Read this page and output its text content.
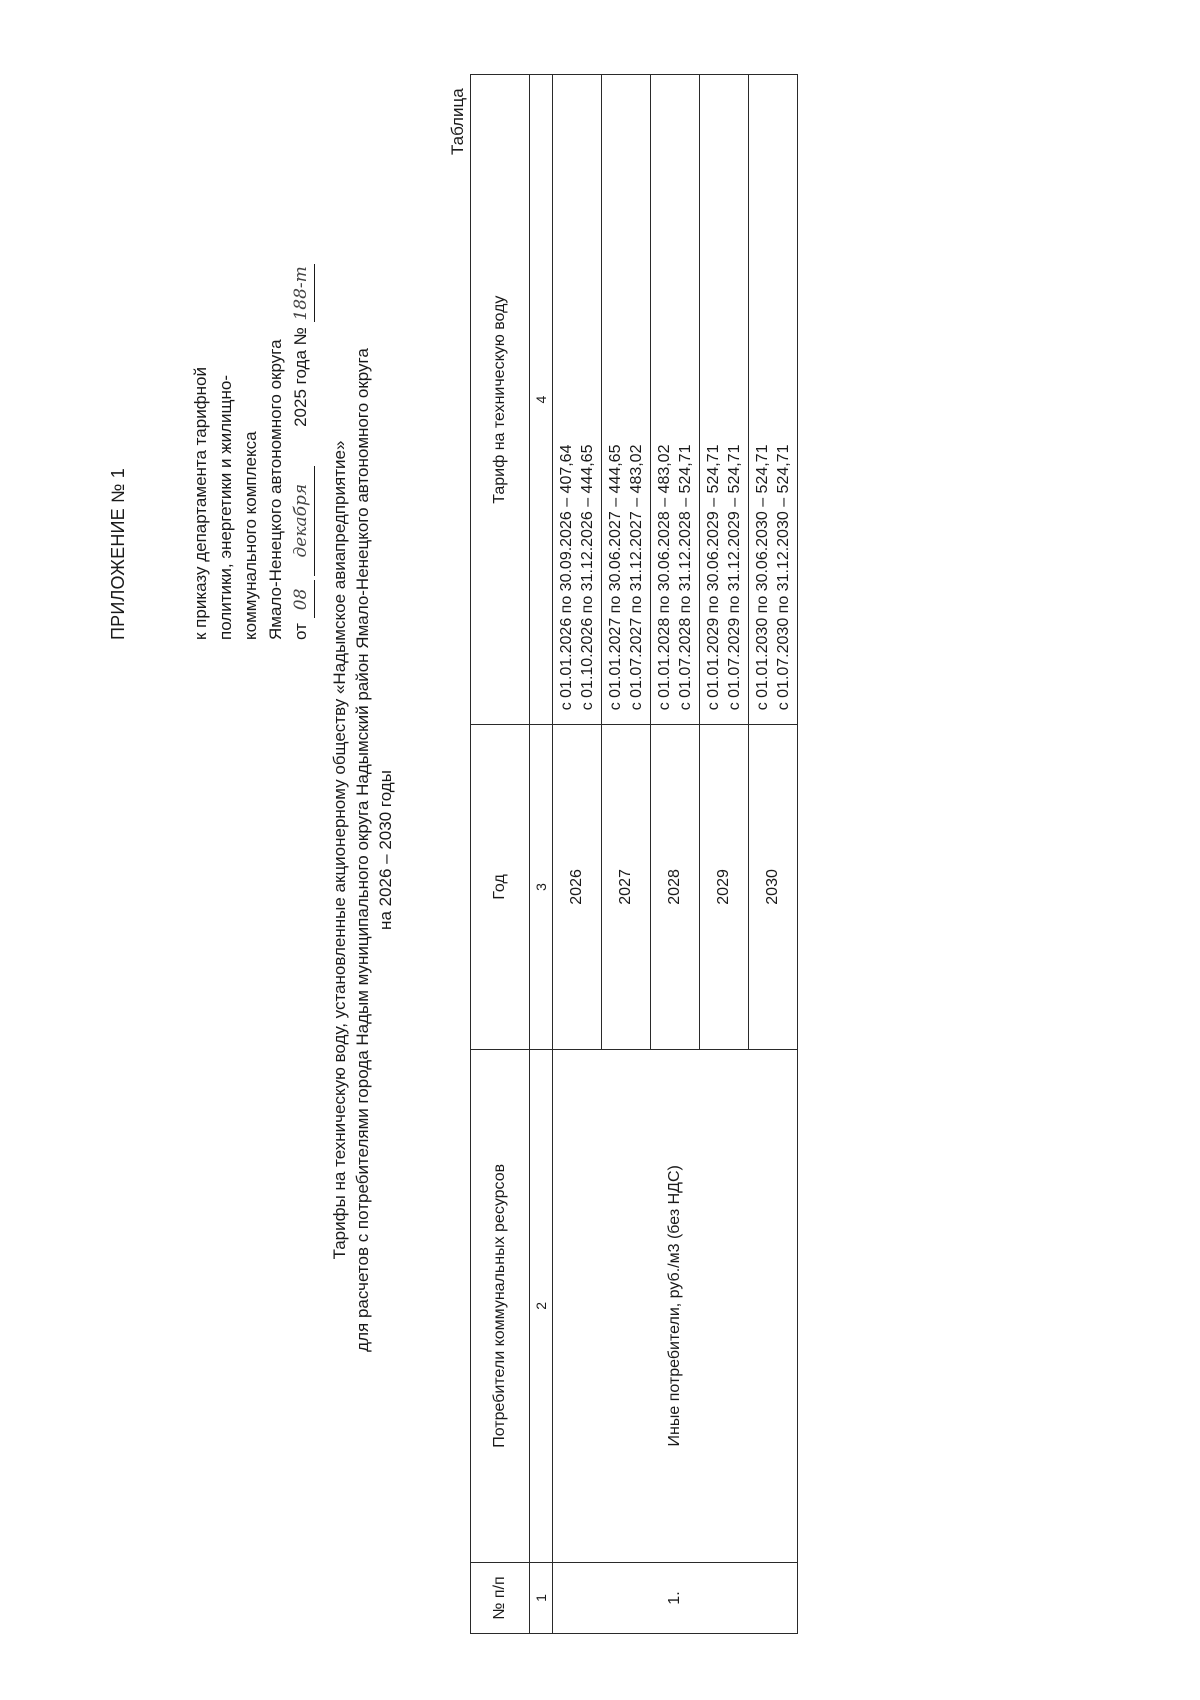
ПРИЛОЖЕНИЕ № 1	к приказу департамента тарифной политики, энергетики и жилищно- коммунального комплекса Ямало-Ненецкого автономного округа от 08 декабря 2025 года № 188-т
Тарифы на техническую воду, установленные акционерному обществу «Надымское авиапредприятие» для расчетов с потребителями города Надым муниципального округа Надымский район Ямало-Ненецкого автономного округа на 2026 – 2030 годы
Таблица
№ п/п	Потребители коммунальных ресурсов	Год	Тариф на техническую воду
1	2	3	4
1.	Иные потребители, руб./м3 (без НДС)	2026	с 01.01.2026 по 30.09.2026 – 407,64 с 01.10.2026 по 31.12.2026 – 444,65

		2027	с 01.01.2027 по 30.06.2027 – 444,65 с 01.07.2027 по 31.12.2027 – 483,02

		2028	с 01.01.2028 по 30.06.2028 – 483,02 с 01.07.2028 по 31.12.2028 – 524,71

		2029	с 01.01.2029 по 30.06.2029 – 524,71 с 01.07.2029 по 31.12.2029 – 524,71

		2030	с 01.01.2030 по 30.06.2030 – 524,71 с 01.07.2030 по 31.12.2030 – 524,71
